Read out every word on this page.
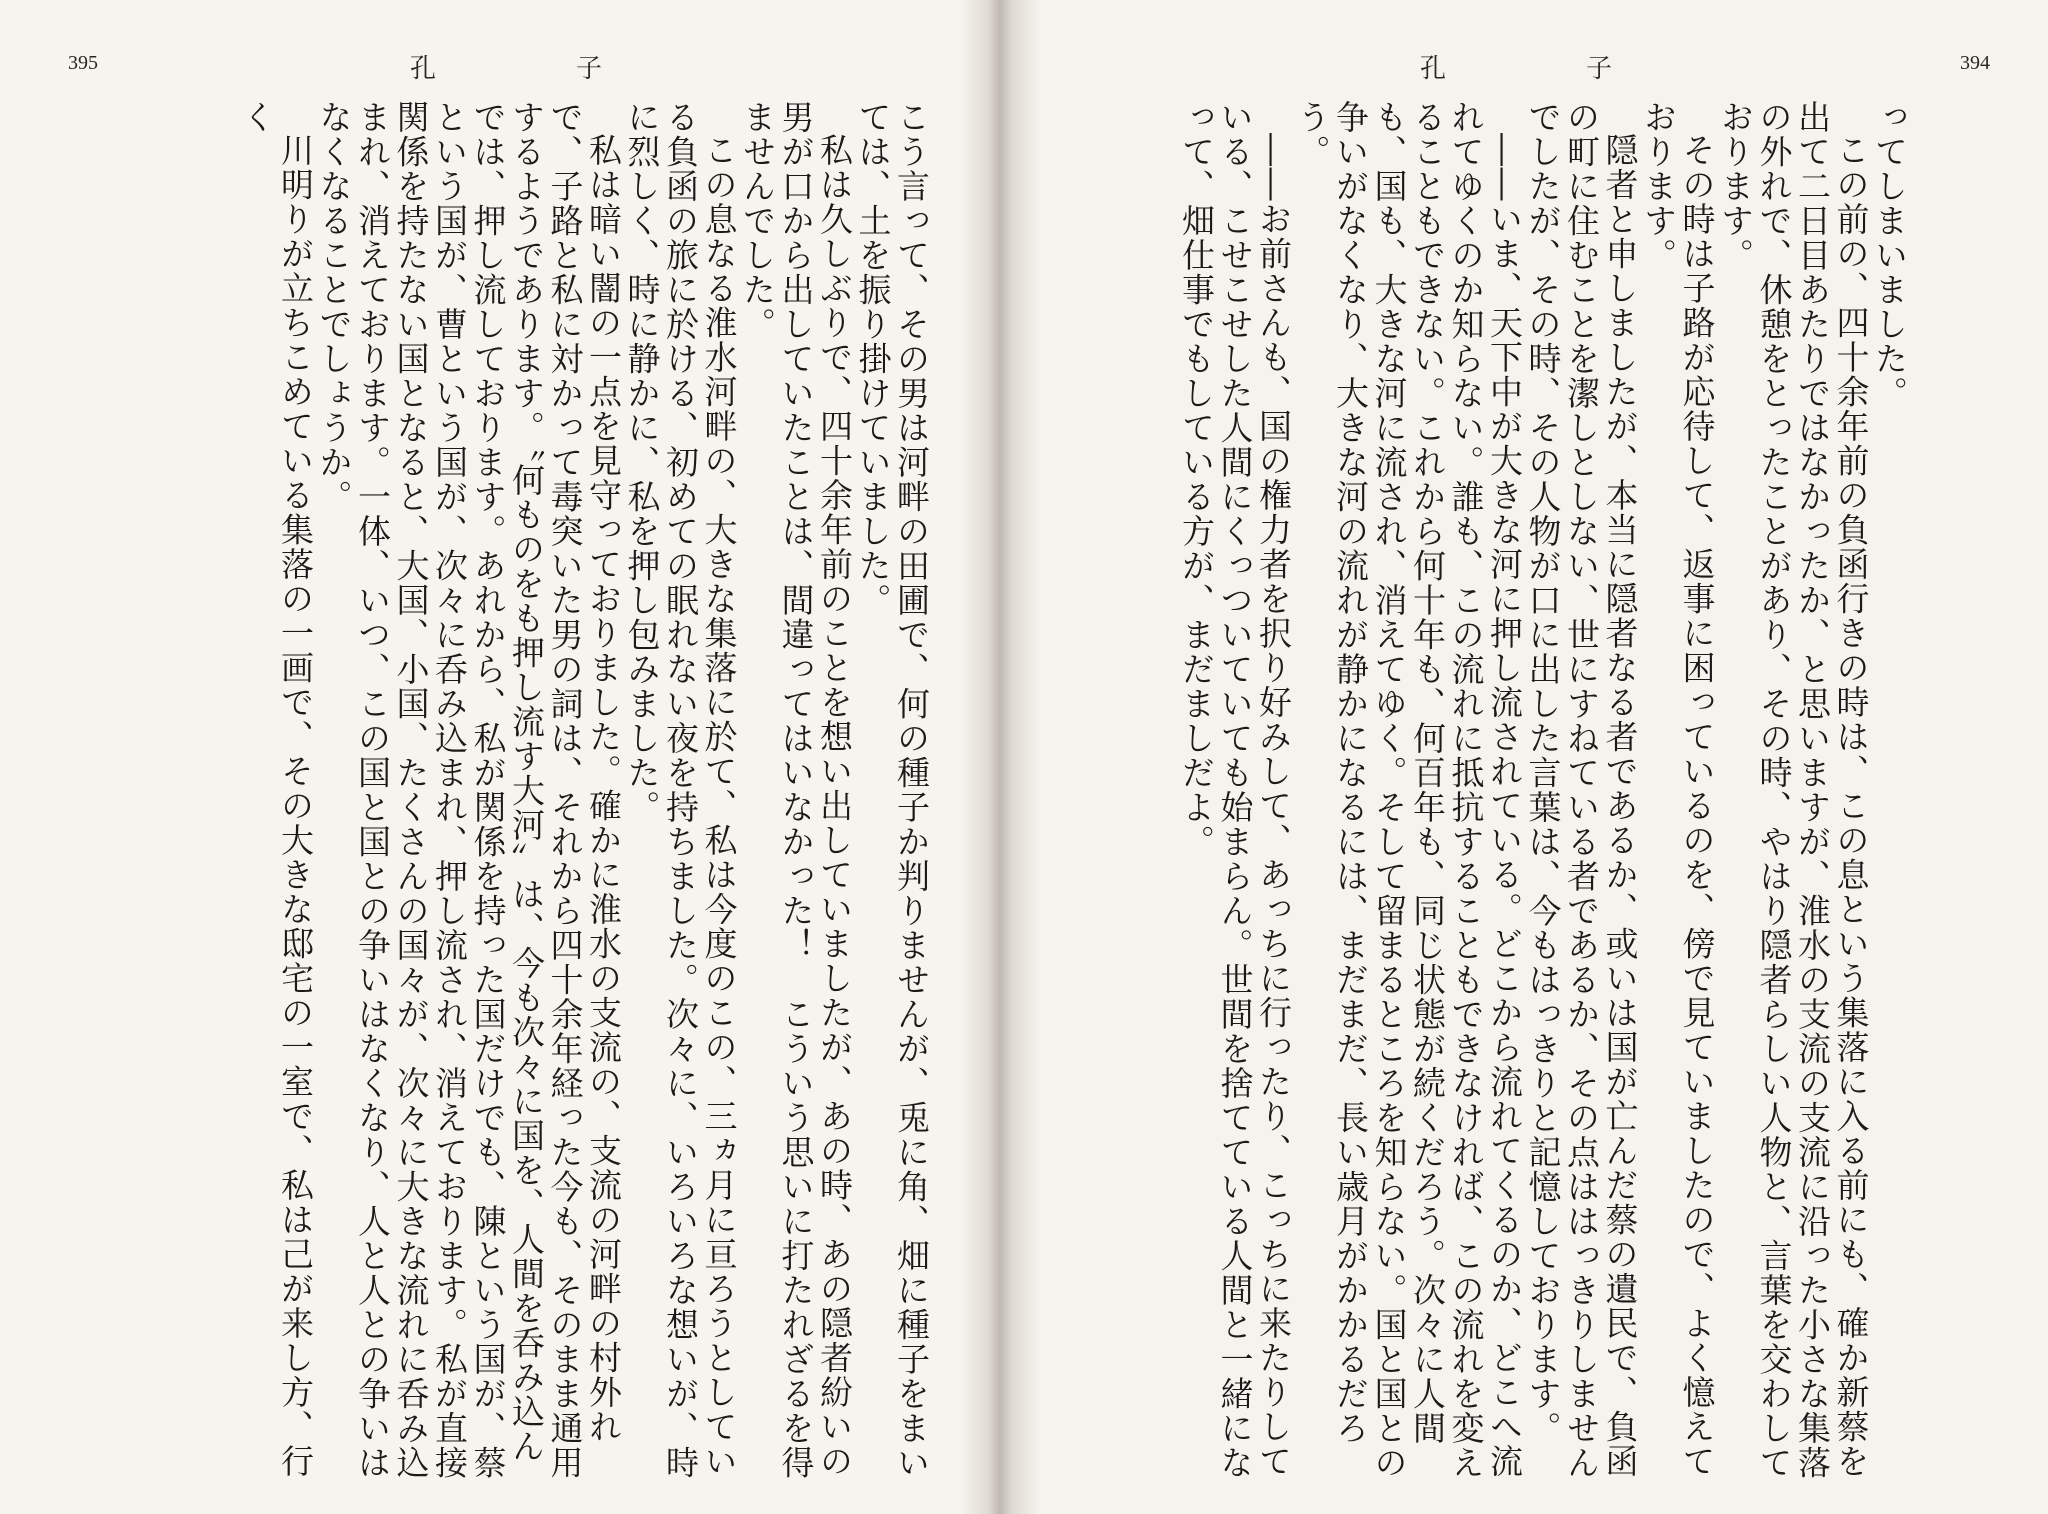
395	孔子

こう言って、その男は河畔の田圃で、何の種子か判りませんが、兎に角、畑に種子をまいては、土を振り掛けていました。

私は久しぶりで、四十余年前のことを想い出していましたが、あの時、あの隠者紛いの男が口から出していたことは、間違ってはいなかった！　こういう思いに打たれざるを得ませんでした。

この息なる淮水河畔の、大きな集落に於て、私は今度のこの、三ヵ月に亘ろうとしている負函の旅に於ける、初めての眠れない夜を持ちました。次々に、いろいろな想いが、時に烈しく、時に静かに、私を押し包みました。

私は暗い闇の一点を見守っておりました。確かに淮水の支流の、支流の河畔の村外れで、子路と私に対かって毒突いた男の詞は、それから四十余年経った今も、そのまま通用するようであります。〝何ものをも押し流す大河〟は、今も次々に国を、人間を呑み込んでは、押し流しております。あれから、私が関係を持った国だけでも、陳という国が、蔡という国が、曹という国が、次々に呑み込まれ、押し流され、消えております。私が直接関係を持たない国となると、大国、小国、たくさんの国々が、次々に大きな流れに呑み込まれ、消えております。一体、いつ、この国と国との争いはなくなり、人と人との争いはなくなることでしょうか。

川明りが立ちこめている集落の一画で、その大きな邸宅の一室で、私は己が来し方、行く

394
孔子

ってしまいました。

この前の、四十余年前の負函行きの時は、この息という集落に入る前にも、確か新蔡を出て二日目あたりではなかったか、と思いますが、淮水の支流の支流に沿った小さな集落の外れで、休憩をとったことがあり、その時、やはり隠者らしい人物と、言葉を交わしております。

その時は子路が応待して、返事に困っているのを、傍で見ていましたので、よく憶えております。

隠者と申しましたが、本当に隠者なる者であるか、或いは国が亡んだ蔡の遺民で、負函の町に住むことを潔しとしない、世にすねている者であるか、その点ははっきりしませんでしたが、その時、その人物が口に出した言葉は、今もはっきりと記憶しております。

――いま、天下中が大きな河に押し流されている。どこから流れてくるのか、どこへ流れてゆくのか知らない。誰も、この流れに抵抗することもできなければ、この流れを変えることもできない。これから何十年も、何百年も、同じ状態が続くだろう。次々に人間も、国も、大きな河に流され、消えてゆく。そして留まるところを知らない。国と国との争いがなくなり、大きな河の流れが静かになるには、まだまだ、長い歳月がかかるだろう。

――お前さんも、国の権力者を択り好みして、あっちに行ったり、こっちに来たりしている、こせこせした人間にくっついていても始まらん。世間を捨てている人間と一緒になって、畑仕事でもしている方が、まだましだよ。
